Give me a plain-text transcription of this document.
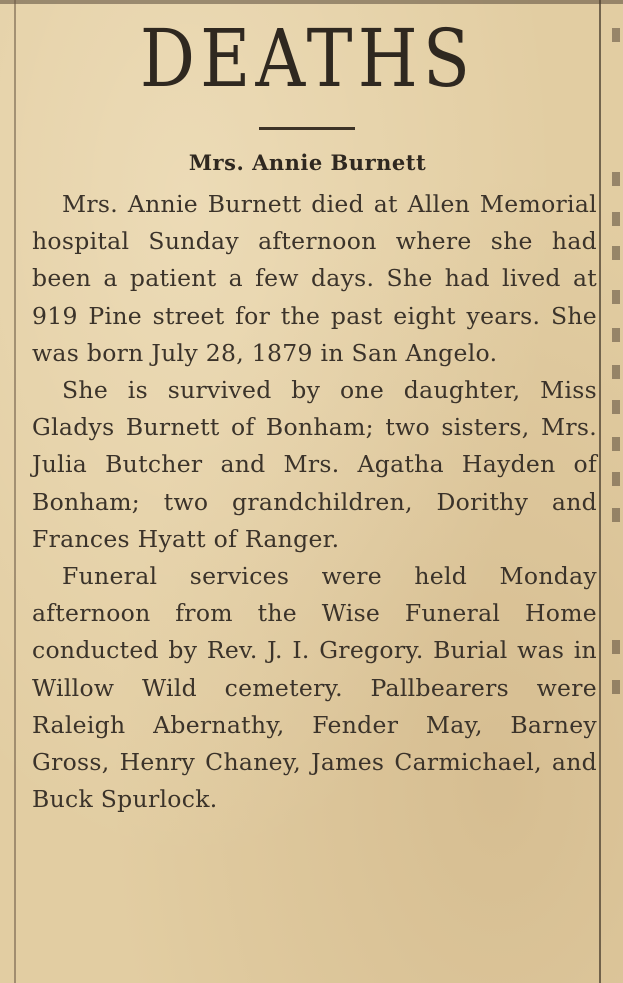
DEATHS
Mrs. Annie Burnett

Mrs. Annie Burnett died at Allen Memorial hospital Sunday afternoon where she had been a patient a few days. She had lived at 919 Pine street for the past eight years. She was born July 28, 1879 in San Angelo.

She is survived by one daughter, Miss Gladys Burnett of Bonham; two sisters, Mrs. Julia Butcher and Mrs. Agatha Hayden of Bonham; two grandchildren, Dorithy and Frances Hyatt of Ranger.

Funeral services were held Monday afternoon from the Wise Funeral Home conducted by Rev. J. I. Gregory. Burial was in Willow Wild cemetery. Pallbearers were Raleigh Abernathy, Fender May, Barney Gross, Henry Chaney, James Carmichael, and Buck Spurlock.
